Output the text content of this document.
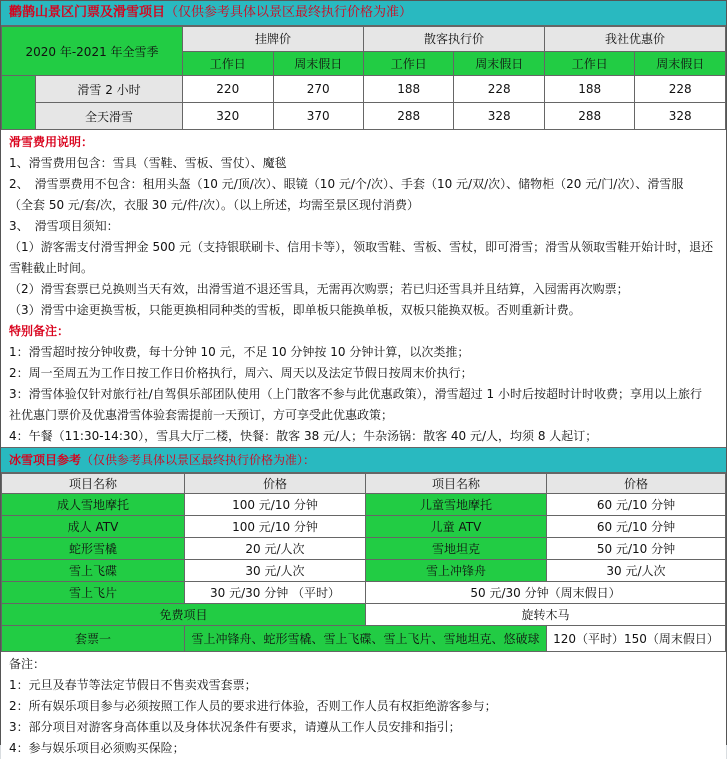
鹳鹊山景区门票及滑雪项目（仅供参考具体以景区最终执行价格为准）
2020 年-2021 年全雪季		挂牌价		散客执行价		我社优惠价	
		工作日	周末假日	工作日	周末假日	工作日	周末假日
	滑雪 2 小时	220	270	188	228	188	228
	全天滑雪	320	370	288	328	288	328

滑雪费用说明：

1、滑雪费用包含：雪具（雪鞋、雪板、雪仗）、魔毯

2、　滑雪票费用不包含：租用头盔（10 元/顶/次）、眼镜（10 元/个/次）、手套（10 元/双/次）、储物柜（20 元/门/次）、滑雪服

（全套 50 元/套/次，衣服 30 元/件/次）。（以上所述，均需至景区现付消费）

3、　滑雪项目须知：

（1）游客需支付滑雪押金 500 元（支持银联刷卡、信用卡等），领取雪鞋、雪板、雪杖，即可滑雪；滑雪从领取雪鞋开始计时，退还

雪鞋截止时间。

（2）滑雪套票已兑换则当天有效，出滑雪道不退还雪具，无需再次购票；若已归还雪具并且结算，入园需再次购票；

（3）滑雪中途更换雪板，只能更换相同种类的雪板，即单板只能换单板，双板只能换双板。否则重新计费。

特别备注：

1：滑雪超时按分钟收费，每十分钟 10 元，不足 10 分钟按 10 分钟计算，以次类推；

2：周一至周五为工作日按工作日价格执行，周六、周天以及法定节假日按周末价执行；

3：滑雪体验仅针对旅行社/自驾俱乐部团队使用（上门散客不参与此优惠政策），滑雪超过 1 小时后按超时计时收费；享用以上旅行

社优惠门票价及优惠滑雪体验套需提前一天预订，方可享受此优惠政策；

4：午餐（11:30-14:30），雪具大厅二楼，快餐：散客 38 元/人；牛杂汤锅：散客 40 元/人，均须 8 人起订；

冰雪项目参考（仅供参考具体以景区最终执行价格为准）：
项目名称	价格	项目名称	价格
成人雪地摩托	100 元/10 分钟	儿童雪地摩托	60 元/10 分钟
成人 ATV	100 元/10 分钟	儿童 ATV	60 元/10 分钟
蛇形雪橇	20 元/人次	雪地坦克	50 元/10 分钟
雪上飞碟	30 元/人次	雪上冲锋舟	30 元/人次
雪上飞片	30 元/30 分钟 （平时）	50 元/30 分钟（周末假日）	
免费项目		旋转木马	
套票一	雪上冲锋舟、蛇形雪橇、雪上飞碟、雪上飞片、雪地坦克、悠破球		120（平时）150（周末假日）

备注：

1：元旦及春节等法定节假日不售卖戏雪套票；

2：所有娱乐项目参与必须按照工作人员的要求进行体验，否则工作人员有权拒绝游客参与；

3：部分项目对游客身高体重以及身体状况条件有要求，请遵从工作人员安排和指引；

4：参与娱乐项目必须购买保险；
